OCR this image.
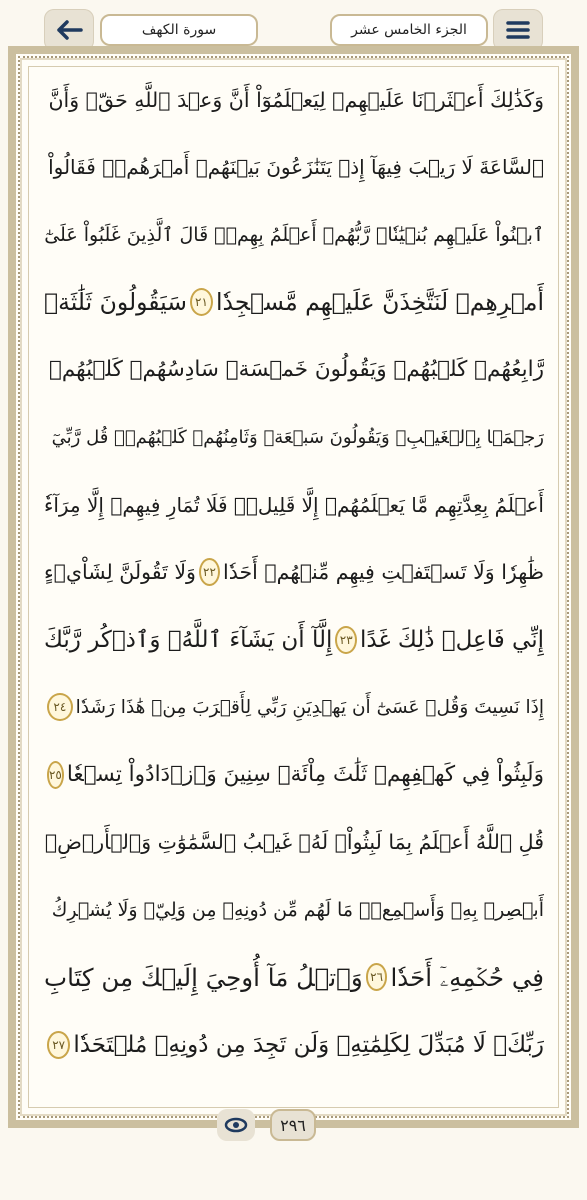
سورة الكهف	الجزء الخامس عشر
وَكَذَٰلِكَ أَعۡثَرۡنَا عَلَيۡهِمۡ لِيَعۡلَمُوٓاْ أَنَّ وَعۡدَ ٱللَّهِ حَقّٞ وَأَنَّ
ٱلسَّاعَةَ لَا رَيۡبَ فِيهَآ إِذۡ يَتَنَٰزَعُونَ بَيۡنَهُمۡ أَمۡرَهُمۡۖ فَقَالُواْ
ٱبۡنُواْ عَلَيۡهِم بُنۡيَٰنٗاۖ رَّبُّهُمۡ أَعۡلَمُ بِهِمۡۚ قَالَ ٱلَّذِينَ غَلَبُواْ عَلَىٰٓ
أَمۡرِهِمۡ لَنَتَّخِذَنَّ عَلَيۡهِم مَّسۡجِدٗا
٢١
سَيَقُولُونَ ثَلَٰثَةٞ
رَّابِعُهُمۡ كَلۡبُهُمۡ وَيَقُولُونَ خَمۡسَةٞ سَادِسُهُمۡ كَلۡبُهُمۡ
رَجۡمَۢا بِٱلۡغَيۡبِۖ وَيَقُولُونَ سَبۡعَةٞ وَثَامِنُهُمۡ كَلۡبُهُمۡۚ قُل رَّبِّيٓ
أَعۡلَمُ بِعِدَّتِهِم مَّا يَعۡلَمُهُمۡ إِلَّا قَلِيلٞۗ فَلَا تُمَارِ فِيهِمۡ إِلَّا مِرَآءٗ
ظَٰهِرٗا وَلَا تَسۡتَفۡتِ فِيهِم مِّنۡهُمۡ أَحَدٗا
٢٢
وَلَا تَقُولَنَّ لِشَاْيۡءٍ
إِنِّي فَاعِلٞ ذَٰلِكَ غَدًا
٢٣
إِلَّآ أَن يَشَآءَ ٱللَّهُۚ وَٱذۡكُر رَّبَّكَ
إِذَا نَسِيتَ وَقُلۡ عَسَىٰٓ أَن يَهۡدِيَنِ رَبِّي لِأَقۡرَبَ مِنۡ هَٰذَا رَشَدٗا
٢٤
وَلَبِثُواْ فِي كَهۡفِهِمۡ ثَلَٰثَ مِاْئَةٖ سِنِينَ وَٱزۡدَادُواْ تِسۡعٗا
٢٥
قُلِ ٱللَّهُ أَعۡلَمُ بِمَا لَبِثُواْۖ لَهُۥ غَيۡبُ ٱلسَّمَٰوَٰتِ وَٱلۡأَرۡضِۖ
أَبۡصِرۡ بِهِۦ وَأَسۡمِعۡۚ مَا لَهُم مِّن دُونِهِۦ مِن وَلِيّٖ وَلَا يُشۡرِكُ
فِي حُكۡمِهِۦٓ أَحَدٗا
٢٦
وَٱتۡلُ مَآ أُوحِيَ إِلَيۡكَ مِن كِتَابِ
رَبِّكَۖ لَا مُبَدِّلَ لِكَلِمَٰتِهِۦ وَلَن تَجِدَ مِن دُونِهِۦ مُلۡتَحَدٗا
٢٧
٢٩٦
